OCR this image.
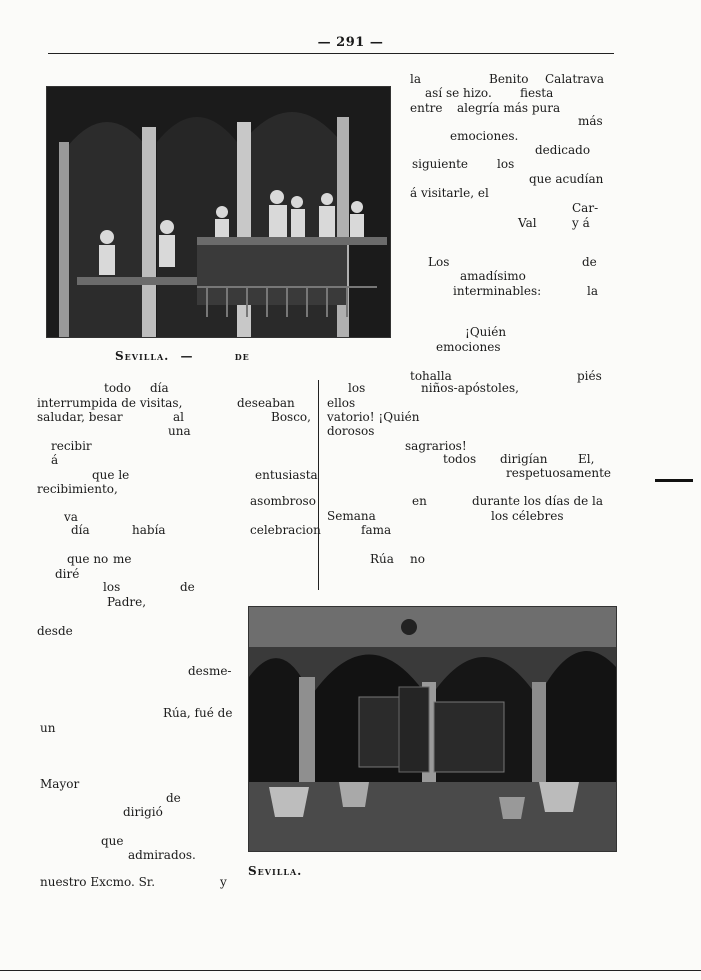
— 291 —
Sevilla. —	de
la	Benito Calatrava
así se hizo. fiesta
entre alegría más pura
más
emociones.
dedicado
siguiente los
que acudían
á visitarle, el
Car-
Val	y á
Los	de
amadísimo
interminables:	la
¡Quién
emociones
tohalla	piés
todo día
interrumpida de visitas,	deseaban
saludar, besar	al	Bosco,
una
recibir
á
que le	entusiasta
recibimiento,
asombroso
va
día	había	celebracion
que no me
diré
los	de
Padre,
desde
desme-
Rúa, fué de
un
Mayor
de
dirigió
que
admirados.
nuestro Excmo. Sr.	y
los	niños-apóstoles,
ellos
vatorio! ¡Quién
dorosos
sagrarios!
todos dirigían	El,
respetuosamente
en	durante los días de la
Semana	los célebres
fama
Rúa no
Sevilla.
